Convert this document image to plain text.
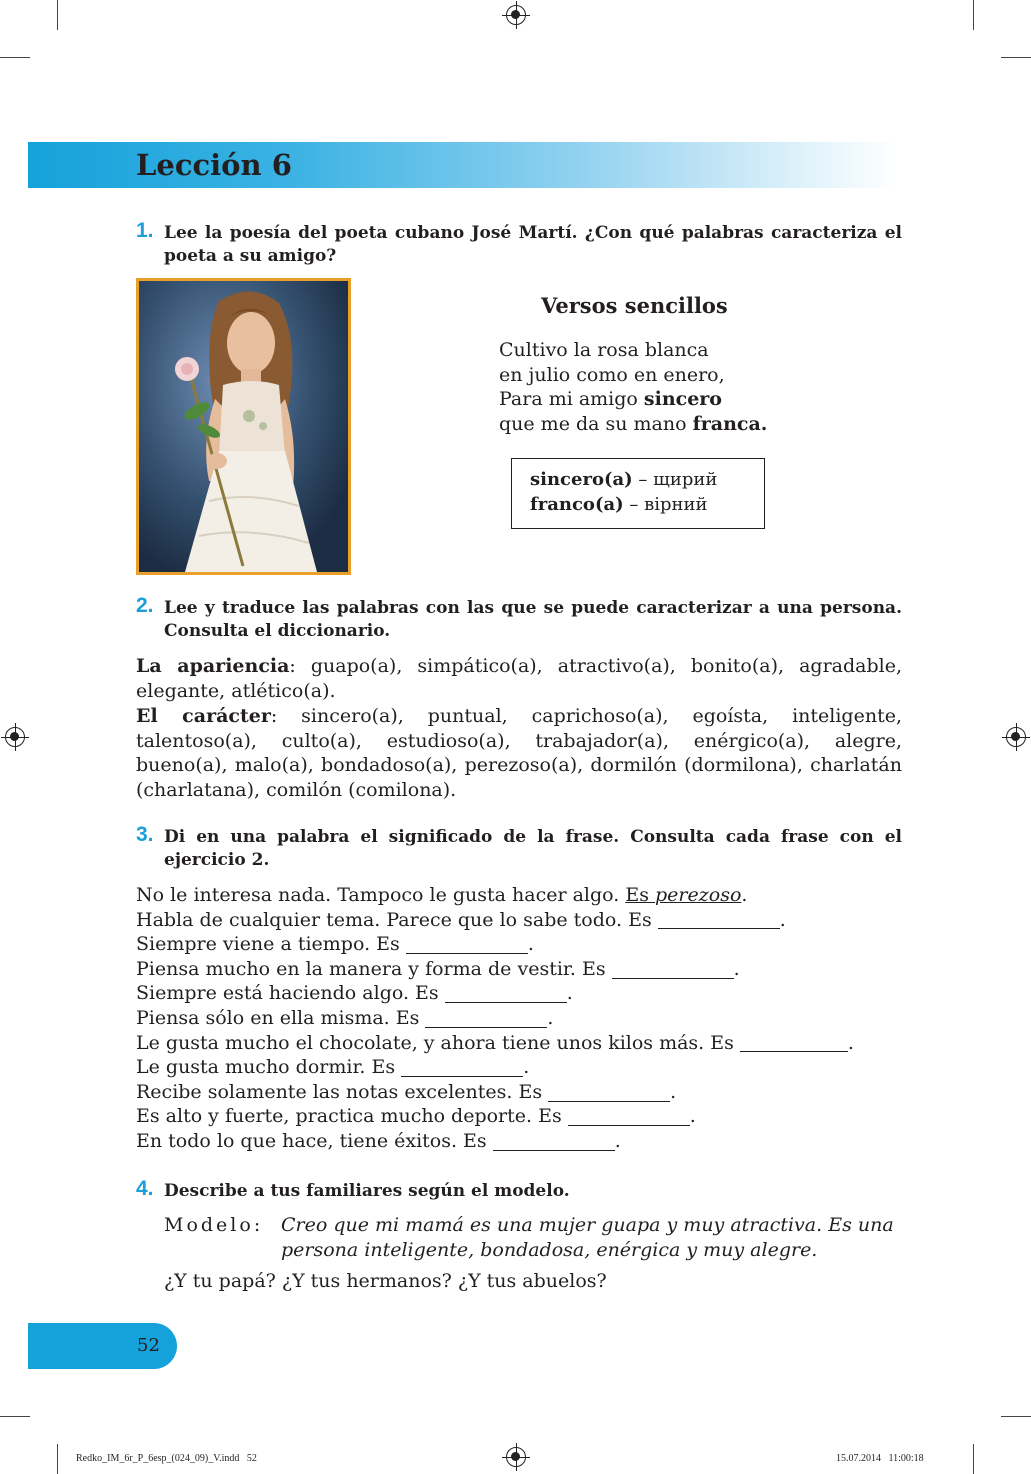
Lección 6
1. Lee la poesía del poeta cubano José Martí. ¿Con qué palabras caracteriza el poeta a su amigo?
Versos sencillos
Cultivo la rosa blanca
en julio como en enero,
Para mi amigo sincero
que me da su mano franca.
sincero(a) – щирий
franco(a) – вірний
2. Lee y traduce las palabras con las que se puede caracterizar a una persona. Consulta el diccionario.
La apariencia: guapo(a), simpático(a), atractivo(a), bonito(a), agradable, elegante, atlético(a).
El carácter: sincero(a), puntual, caprichoso(a), egoísta, inteligente, talentoso(a), culto(a), estudioso(a), trabajador(a), enérgico(a), alegre, bueno(a), malo(a), bondadoso(a), perezoso(a), dormilón (dormilona), charlatán (charlatana), comilón (comilona).
3. Di en una palabra el significado de la frase. Consulta cada frase con el ejercicio 2.
No le interesa nada. Tampoco le gusta hacer algo. Es perezoso.
Habla de cualquier tema. Parece que lo sabe todo. Es	.
Siempre viene a tiempo. Es	.
Piensa mucho en la manera y forma de vestir. Es	.
Siempre está haciendo algo. Es	.
Piensa sólo en ella misma. Es	.
Le gusta mucho el chocolate, y ahora tiene unos kilos más. Es	.
Le gusta mucho dormir. Es	.
Recibe solamente las notas excelentes. Es	.
Es alto y fuerte, practica mucho deporte. Es	.
En todo lo que hace, tiene éxitos. Es	.
4. Describe a tus familiares según el modelo.
Modelo: Creo que mi mamá es una mujer guapa y muy atractiva. Es una
persona inteligente, bondadosa, enérgica y muy alegre.
¿Y tu papá? ¿Y tus hermanos? ¿Y tus abuelos?
52
Redko_IM_6r_P_6esp_(024_09)_V.indd   52	15.07.2014   11:00:18
